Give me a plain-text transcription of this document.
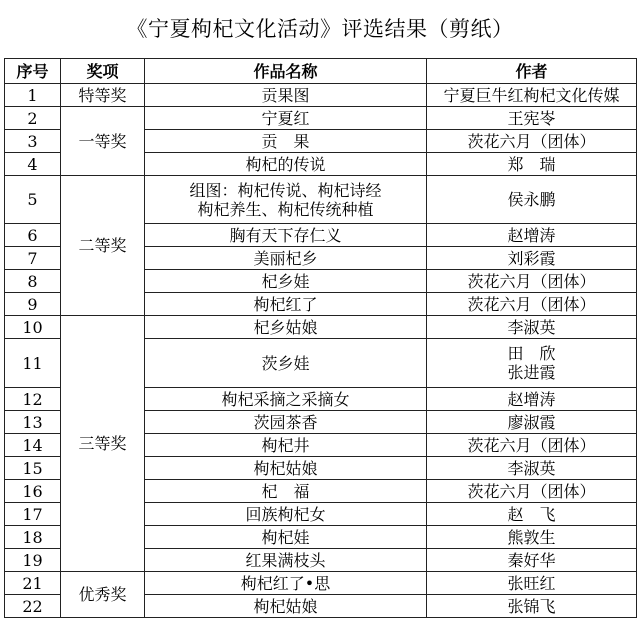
《宁夏枸杞文化活动》评选结果（剪纸）
序号	奖项	作品名称	作者
1	特等奖	贡果图	宁夏巨牛红枸杞文化传媒
2	一等奖	宁夏红	王宪岺
3		贡　果	茨花六月（团体）
4		枸杞的传说	郑　瑞
5	二等奖	组图：枸杞传说、枸杞诗经
枸杞养生、枸杞传统种植	侯永鹏
6		胸有天下存仁义	赵增涛
7		美丽杞乡	刘彩霞
8		杞乡娃	茨花六月（团体）
9		枸杞红了	茨花六月（团体）
10	三等奖	杞乡姑娘	李淑英
11		茨乡娃	田　欣
张进霞

12		枸杞采摘之采摘女	赵增涛
13		茨园茶香	廖淑霞
14		枸杞井	茨花六月（团体）
15		枸杞姑娘	李淑英
16		杞　福	茨花六月（团体）
17		回族枸杞女	赵　飞
18		枸杞娃	熊敦生
19		红果满枝头	秦好华
21	优秀奖	枸杞红了•思	张旺红
22		枸杞姑娘	张锦飞
